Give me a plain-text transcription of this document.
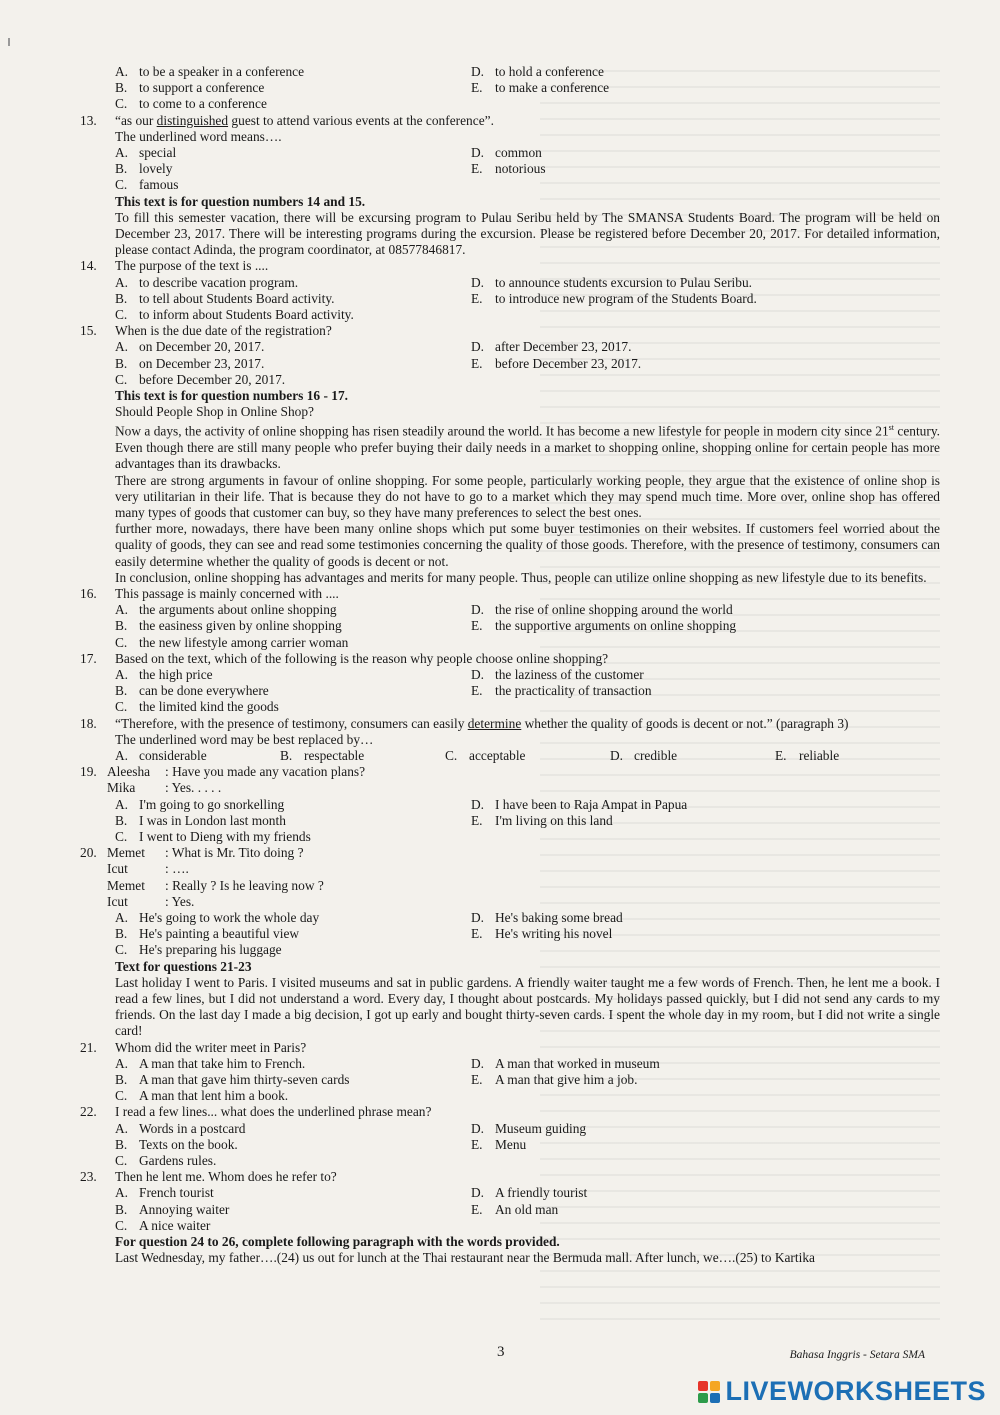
A. to be a speaker in a conference	D. to hold a conference
B. to support a conference	E. to make a conference
C. to come to a conference
13.	“as our distinguished guest to attend various events at the conference”.
The underlined word means….
A. special	D. common
B. lovely	E. notorious
C. famous
This text is for question numbers 14 and 15.
To fill this semester vacation, there will be excursing program to Pulau Seribu held by The SMANSA Students Board. The program will be held on December 23, 2017. There will be interesting programs during the excursion. Please be registered before December 20, 2017. For detailed information, please contact Adinda, the program coordinator, at 08577846817.
14.	The purpose of the text is ....
A. to describe vacation program.	D. to announce students excursion to Pulau Seribu.
B. to tell about Students Board activity.	E. to introduce new program of the Students Board.
C. to inform about Students Board activity.
15.	When is the due date of the registration?
A. on December 20, 2017.	D. after December 23, 2017.
B. on December 23, 2017.	E. before December 23, 2017.
C. before December 20, 2017.
This text is for question numbers 16 - 17.
Should People Shop in Online Shop?
Now a days, the activity of online shopping has risen steadily around the world. It has become a new lifestyle for people in modern city since 21st century. Even though there are still many people who prefer buying their daily needs in a market to shopping online, shopping online for certain people has more advantages than its drawbacks.
There are strong arguments in favour of online shopping. For some people, particularly working people, they argue that the existence of online shop is very utilitarian in their life. That is because they do not have to go to a market which they may spend much time. More over, online shop has offered many types of goods that customer can buy, so they have many preferences to select the best ones.
further more, nowadays, there have been many online shops which put some buyer testimonies on their websites. If customers feel worried about the quality of goods, they can see and read some testimonies concerning the quality of those goods. Therefore, with the presence of testimony, consumers can easily determine whether the quality of goods is decent or not.
In conclusion, online shopping has advantages and merits for many people. Thus, people can utilize online shopping as new lifestyle due to its benefits.
16.	This passage is mainly concerned with ....
A. the arguments about online shopping	D. the rise of online shopping around the world
B. the easiness given by online shopping	E. the supportive arguments on online shopping
C. the new lifestyle among carrier woman
17.	Based on the text, which of the following is the reason why people choose online shopping?
A. the high price	D. the laziness of the customer
B. can be done everywhere	E. the practicality of transaction
C. the limited kind the goods
18.	“Therefore, with the presence of testimony, consumers can easily determine whether the quality of goods is decent or not.” (paragraph 3)
The underlined word may be best replaced by…
A. considerable	B. respectable	C. acceptable	D. credible	E. reliable
19. Aleesha	: Have you made any vacation plans?
Mika	: Yes. . . . .
A. I'm going to go snorkelling	D. I have been to Raja Ampat in Papua
B. I was in London last month	E. I'm living on this land
C. I went to Dieng with my friends
20. Memet	: What is Mr. Tito doing ?
Icut	: ….
Memet	: Really ? Is he leaving now ?
Icut	: Yes.
A. He's going to work the whole day	D. He's baking some bread
B. He's painting a beautiful view	E. He's writing his novel
C. He's preparing his luggage
Text for questions 21-23
Last holiday I went to Paris. I visited museums and sat in public gardens. A friendly waiter taught me a few words of French. Then, he lent me a book. I read a few lines, but I did not understand a word. Every day, I thought about postcards. My holidays passed quickly, but I did not send any cards to my friends. On the last day I made a big decision, I got up early and bought thirty-seven cards. I spent the whole day in my room, but I did not write a single card!
21.	Whom did the writer meet in Paris?
A. A man that take him to French.	D. A man that worked in museum
B. A man that gave him thirty-seven cards	E. A man that give him a job.
C. A man that lent him a book.
22.	I read a few lines... what does the underlined phrase mean?
A. Words in a postcard	D. Museum guiding
B. Texts on the book.	E. Menu
C. Gardens rules.
23.	Then he lent me. Whom does he refer to?
A. French tourist	D. A friendly tourist
B. Annoying waiter	E. An old man
C. A nice waiter
For question 24 to 26, complete following paragraph with the words provided.
Last Wednesday, my father….(24) us out for lunch at the Thai restaurant near the Bermuda mall. After lunch, we….(25) to Kartika
3	Bahasa Inggris - Setara SMA
LIVEWORKSHEETS
